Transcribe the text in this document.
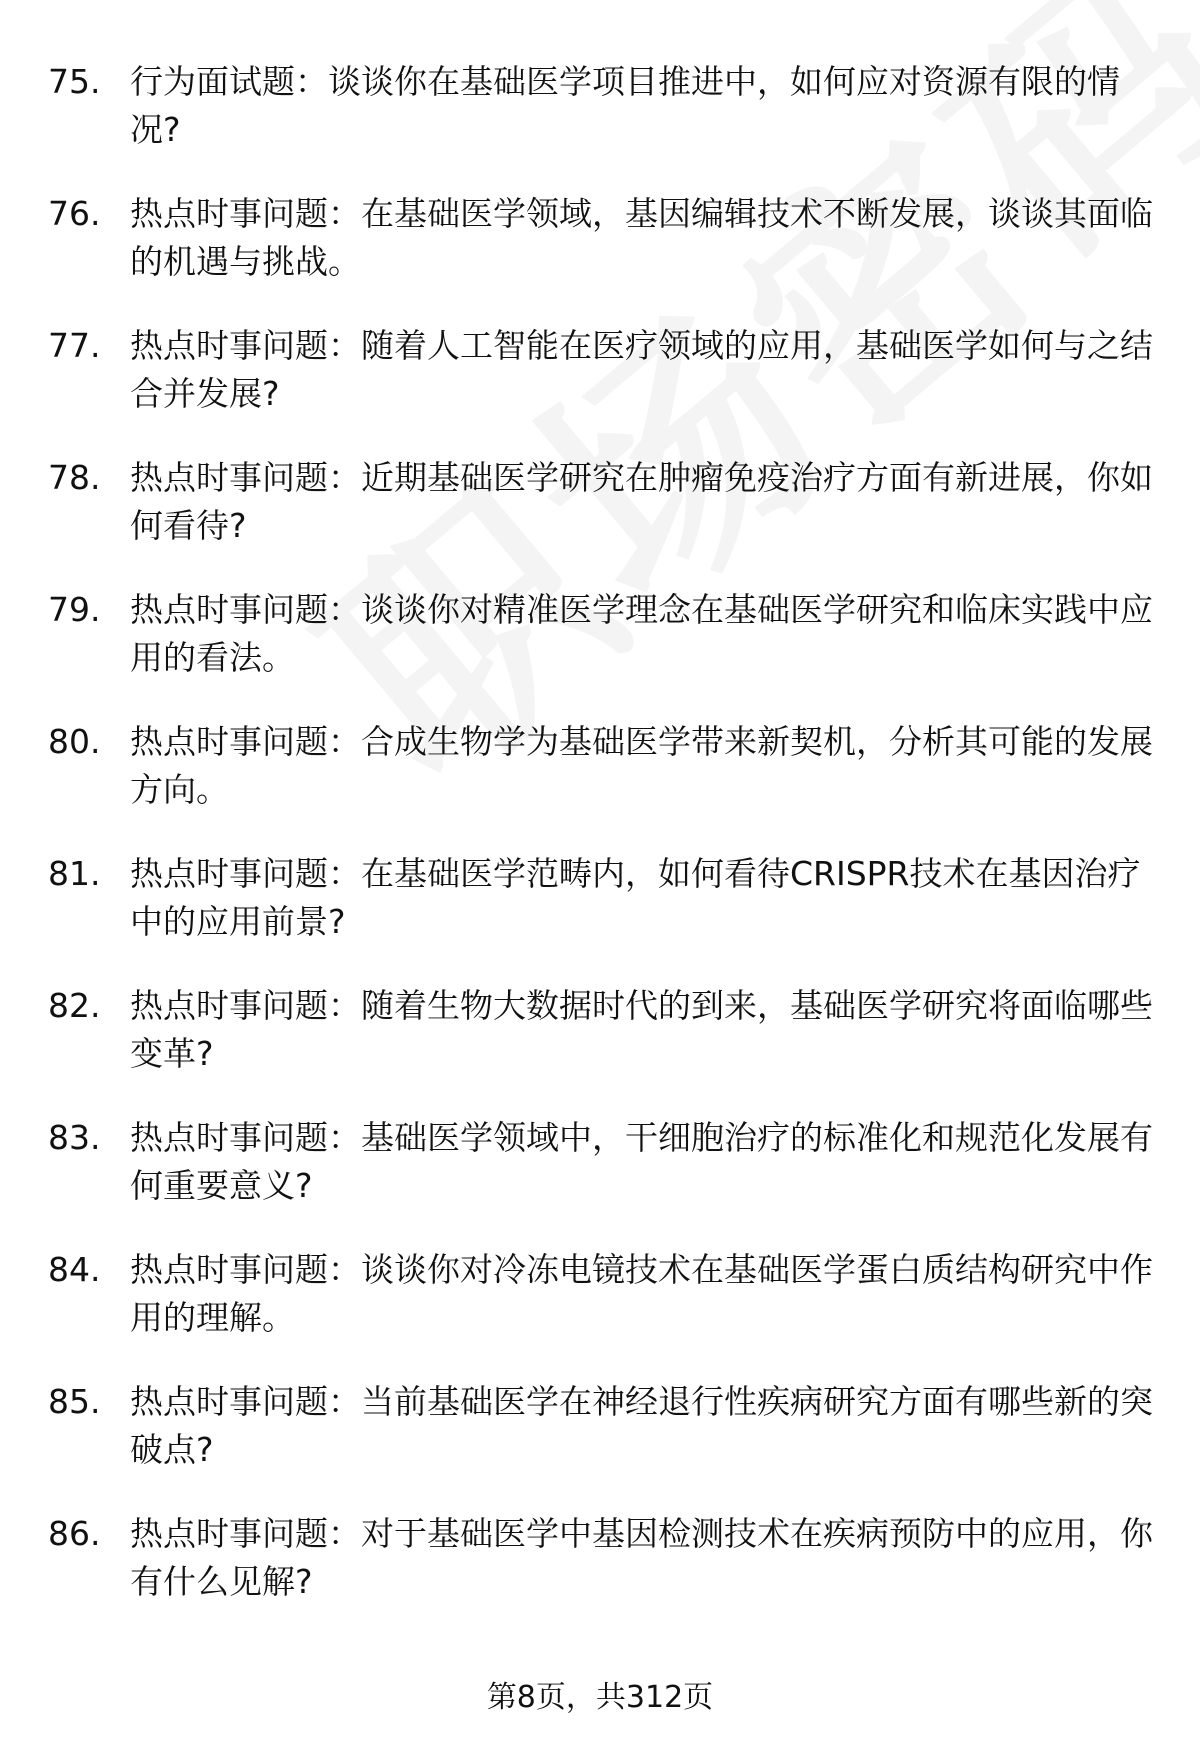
75. 行为面试题：谈谈你在基础医学项目推进中，如何应对资源有限的情况?
76. 热点时事问题：在基础医学领域，基因编辑技术不断发展，谈谈其面临的机遇与挑战。
77. 热点时事问题：随着人工智能在医疗领域的应用，基础医学如何与之结合并发展?
78. 热点时事问题：近期基础医学研究在肿瘤免疫治疗方面有新进展，你如何看待?
79. 热点时事问题：谈谈你对精准医学理念在基础医学研究和临床实践中应用的看法。
80. 热点时事问题：合成生物学为基础医学带来新契机，分析其可能的发展方向。
81. 热点时事问题：在基础医学范畴内，如何看待CRISPR技术在基因治疗中的应用前景?
82. 热点时事问题：随着生物大数据时代的到来，基础医学研究将面临哪些变革?
83. 热点时事问题：基础医学领域中，干细胞治疗的标准化和规范化发展有何重要意义?
84. 热点时事问题：谈谈你对冷冻电镜技术在基础医学蛋白质结构研究中作用的理解。
85. 热点时事问题：当前基础医学在神经退行性疾病研究方面有哪些新的突破点?
86. 热点时事问题：对于基础医学中基因检测技术在疾病预防中的应用，你有什么见解?
第8页，共312页
